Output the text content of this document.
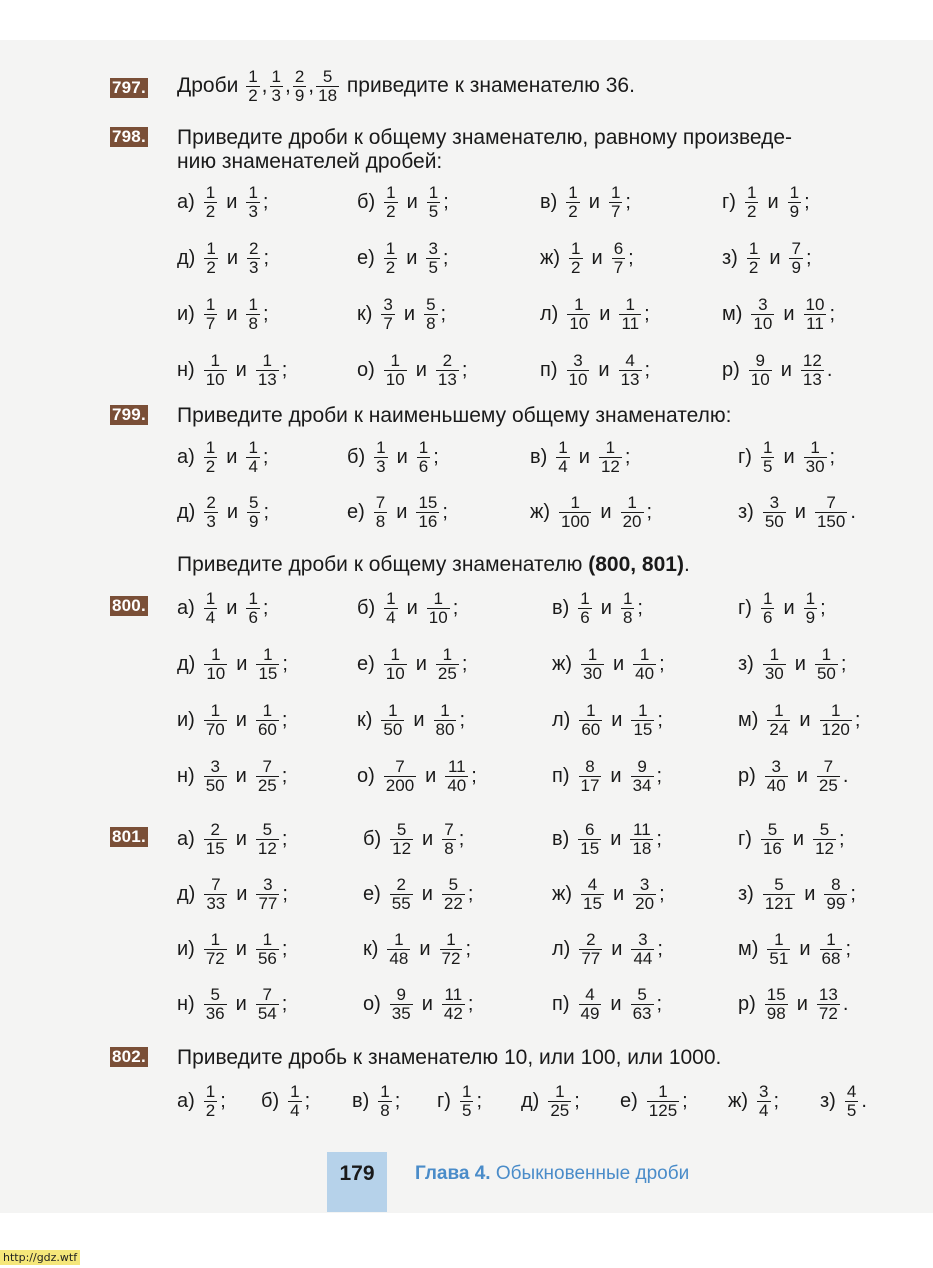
797. Дроби $\frac{1}{2}$ , $\frac{1}{3}$ , $\frac{2}{9}$ , $\frac{5}{18}$ приведите к знаменателю 36.
798. Приведите дроби к общему знаменателю, равному произведе-
нию знаменателей дробей:
$а) \frac{1}{2}$ и $\frac{1}{3}$ ;	$б) \frac{1}{2}$ и $\frac{1}{5}$ ;	$в) \frac{1}{2}$ и $\frac{1}{7}$ ;	$г) \frac{1}{2}$ и $\frac{1}{9}$ ;
$д) \frac{1}{2}$ и $\frac{2}{3}$ ;	$е) \frac{1}{2}$ и $\frac{3}{5}$ ;	$ж) \frac{1}{2}$ и $\frac{6}{7}$ ;	$з) \frac{1}{2}$ и $\frac{7}{9}$ ;
$и) \frac{1}{7}$ и $\frac{1}{8}$ ;	$к) \frac{3}{7}$ и $\frac{5}{8}$ ;	$л) \frac{1}{10}$ и $\frac{1}{11}$ ;	$м) \frac{3}{10}$ и $\frac{10}{11}$ ;
$н) \frac{1}{10}$ и $\frac{1}{13}$ ;	$о) \frac{1}{10}$ и $\frac{2}{13}$ ;	$п) \frac{3}{10}$ и $\frac{4}{13}$ ;	$р) \frac{9}{10}$ и $\frac{12}{13}$ .
799. Приведите дроби к наименьшему общему знаменателю:
$а) \frac{1}{2}$ и $\frac{1}{4}$ ;	$б) \frac{1}{3}$ и $\frac{1}{6}$ ;	$в) \frac{1}{4}$ и $\frac{1}{12}$ ;	$г) \frac{1}{5}$ и $\frac{1}{30}$ ;
$д) \frac{2}{3}$ и $\frac{5}{9}$ ;	$е) \frac{7}{8}$ и $\frac{15}{16}$ ;	$ж) \frac{1}{100}$ и $\frac{1}{20}$ ;	$з) \frac{3}{50}$ и $\frac{7}{150}$ .
Приведите дроби к общему знаменателю (800, 801).
800. $а) \frac{1}{4}$ и $\frac{1}{6}$ ;	$б) \frac{1}{4}$ и $\frac{1}{10}$ ;	$в) \frac{1}{6}$ и $\frac{1}{8}$ ;	$г) \frac{1}{6}$ и $\frac{1}{9}$ ;
$д) \frac{1}{10}$ и $\frac{1}{15}$ ;	$е) \frac{1}{10}$ и $\frac{1}{25}$ ;	$ж) \frac{1}{30}$ и $\frac{1}{40}$ ;	$з) \frac{1}{30}$ и $\frac{1}{50}$ ;
$и) \frac{1}{70}$ и $\frac{1}{60}$ ;	$к) \frac{1}{50}$ и $\frac{1}{80}$ ;	$л) \frac{1}{60}$ и $\frac{1}{15}$ ;	$м) \frac{1}{24}$ и $\frac{1}{120}$ ;
$н) \frac{3}{50}$ и $\frac{7}{25}$ ;	$о) \frac{7}{200}$ и $\frac{11}{40}$ ;	$п) \frac{8}{17}$ и $\frac{9}{34}$ ;	$р) \frac{3}{40}$ и $\frac{7}{25}$ .
801. $а) \frac{2}{15}$ и $\frac{5}{12}$ ;	$б) \frac{5}{12}$ и $\frac{7}{8}$ ;	$в) \frac{6}{15}$ и $\frac{11}{18}$ ;	$г) \frac{5}{16}$ и $\frac{5}{12}$ ;
$д) \frac{7}{33}$ и $\frac{3}{77}$ ;	$е) \frac{2}{55}$ и $\frac{5}{22}$ ;	$ж) \frac{4}{15}$ и $\frac{3}{20}$ ;	$з) \frac{5}{121}$ и $\frac{8}{99}$ ;
$и) \frac{1}{72}$ и $\frac{1}{56}$ ;	$к) \frac{1}{48}$ и $\frac{1}{72}$ ;	$л) \frac{2}{77}$ и $\frac{3}{44}$ ;	$м) \frac{1}{51}$ и $\frac{1}{68}$ ;
$н) \frac{5}{36}$ и $\frac{7}{54}$ ;	$о) \frac{9}{35}$ и $\frac{11}{42}$ ;	$п) \frac{4}{49}$ и $\frac{5}{63}$ ;	$р) \frac{15}{98}$ и $\frac{13}{72}$ .
802. Приведите дробь к знаменателю 10, или 100, или 1000.
$а) \frac{1}{2}$ ; $б) \frac{1}{4}$ ; $в) \frac{1}{8}$ ; $г) \frac{1}{5}$ ; $д) \frac{1}{25}$ ; $е) \frac{1}{125}$ ; $ж) \frac{3}{4}$ ; $з) \frac{4}{5}$ .
179	Глава 4. Обыкновенные дроби
http://gdz.wtf
